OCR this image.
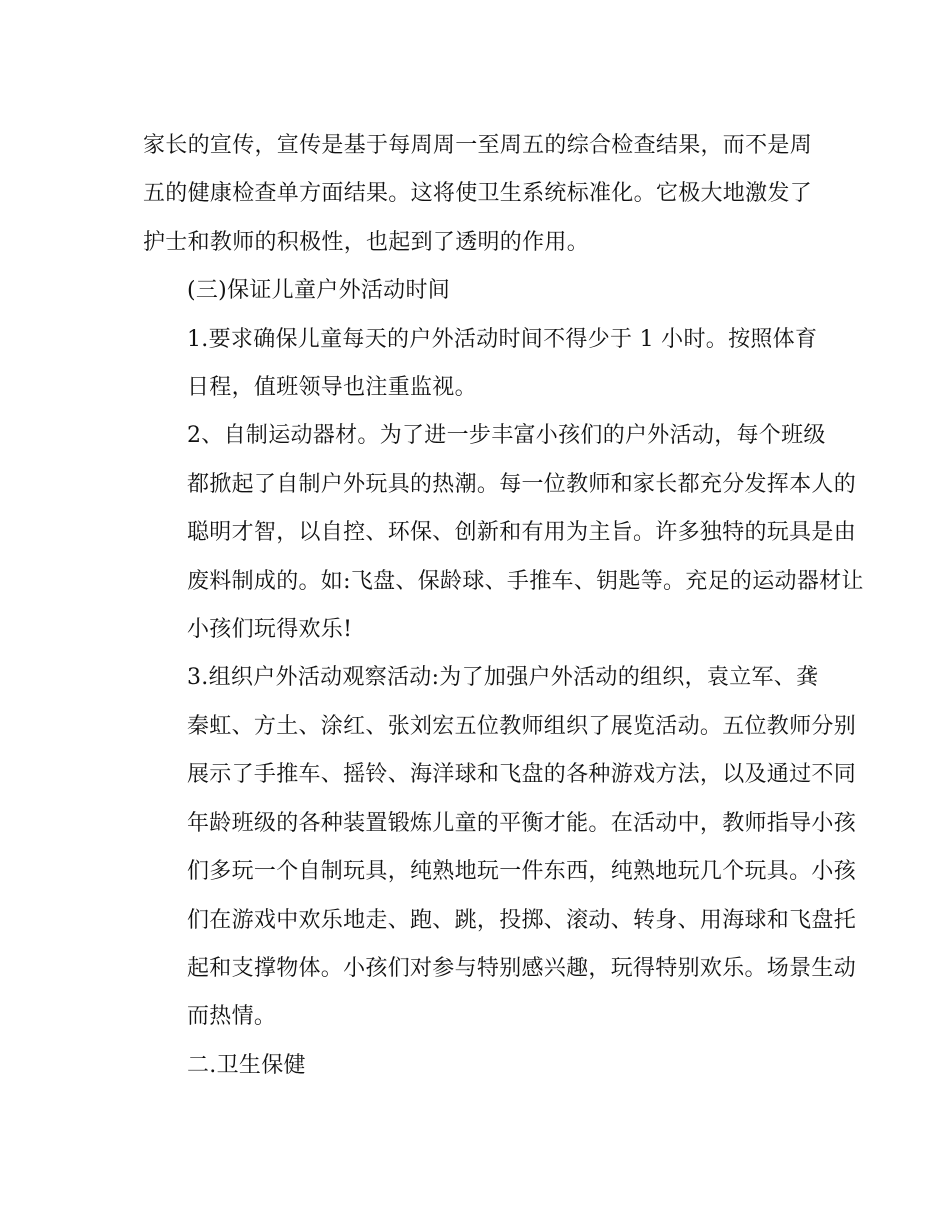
家长的宣传，宣传是基于每周周一至周五的综合检查结果，而不是周
五的健康检查单方面结果。这将使卫生系统标准化。它极大地激发了
护士和教师的积极性，也起到了透明的作用。

(三)保证儿童户外活动时间

1.要求确保儿童每天的户外活动时间不得少于 1 小时。按照体育
日程，值班领导也注重监视。

2、自制运动器材。为了进一步丰富小孩们的户外活动，每个班级
都掀起了自制户外玩具的热潮。每一位教师和家长都充分发挥本人的
聪明才智，以自控、环保、创新和有用为主旨。许多独特的玩具是由
废料制成的。如:飞盘、保龄球、手推车、钥匙等。充足的运动器材让
小孩们玩得欢乐!

3.组织户外活动观察活动:为了加强户外活动的组织，袁立军、龚
秦虹、方土、涂红、张刘宏五位教师组织了展览活动。五位教师分别
展示了手推车、摇铃、海洋球和飞盘的各种游戏方法，以及通过不同
年龄班级的各种装置锻炼儿童的平衡才能。在活动中，教师指导小孩
们多玩一个自制玩具，纯熟地玩一件东西，纯熟地玩几个玩具。小孩
们在游戏中欢乐地走、跑、跳，投掷、滚动、转身、用海球和飞盘托
起和支撑物体。小孩们对参与特别感兴趣，玩得特别欢乐。场景生动
而热情。

二.卫生保健
